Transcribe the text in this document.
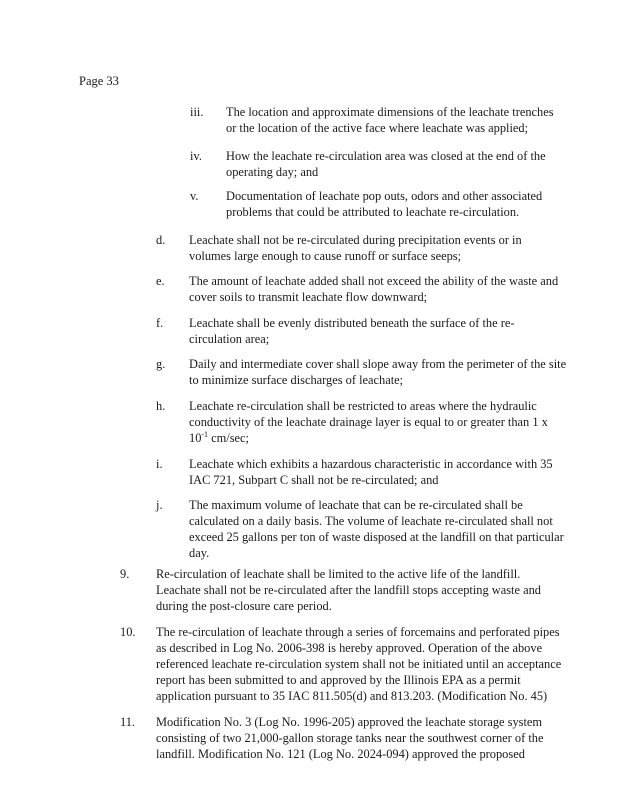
Page 33
iii. The location and approximate dimensions of the leachate trenches
or the location of the active face where leachate was applied;
iv. How the leachate re-circulation area was closed at the end of the
operating day; and
v. Documentation of leachate pop outs, odors and other associated
problems that could be attributed to leachate re-circulation.
d. Leachate shall not be re-circulated during precipitation events or in
volumes large enough to cause runoff or surface seeps;
e. The amount of leachate added shall not exceed the ability of the waste and
cover soils to transmit leachate flow downward;
f. Leachate shall be evenly distributed beneath the surface of the re-
circulation area;
g. Daily and intermediate cover shall slope away from the perimeter of the site
to minimize surface discharges of leachate;
h. Leachate re-circulation shall be restricted to areas where the hydraulic
conductivity of the leachate drainage layer is equal to or greater than 1 x
$10^{-1}$ cm/sec;
i. Leachate which exhibits a hazardous characteristic in accordance with 35
IAC 721, Subpart C shall not be re-circulated; and
j. The maximum volume of leachate that can be re-circulated shall be
calculated on a daily basis. The volume of leachate re-circulated shall not
exceed 25 gallons per ton of waste disposed at the landfill on that particular
day.
9. Re-circulation of leachate shall be limited to the active life of the landfill.
Leachate shall not be re-circulated after the landfill stops accepting waste and
during the post-closure care period.
10. The re-circulation of leachate through a series of forcemains and perforated pipes
as described in Log No. 2006-398 is hereby approved. Operation of the above
referenced leachate re-circulation system shall not be initiated until an acceptance
report has been submitted to and approved by the Illinois EPA as a permit
application pursuant to 35 IAC 811.505(d) and 813.203. (Modification No. 45)
11. Modification No. 3 (Log No. 1996-205) approved the leachate storage system
consisting of two 21,000-gallon storage tanks near the southwest corner of the
landfill. Modification No. 121 (Log No. 2024-094) approved the proposed
